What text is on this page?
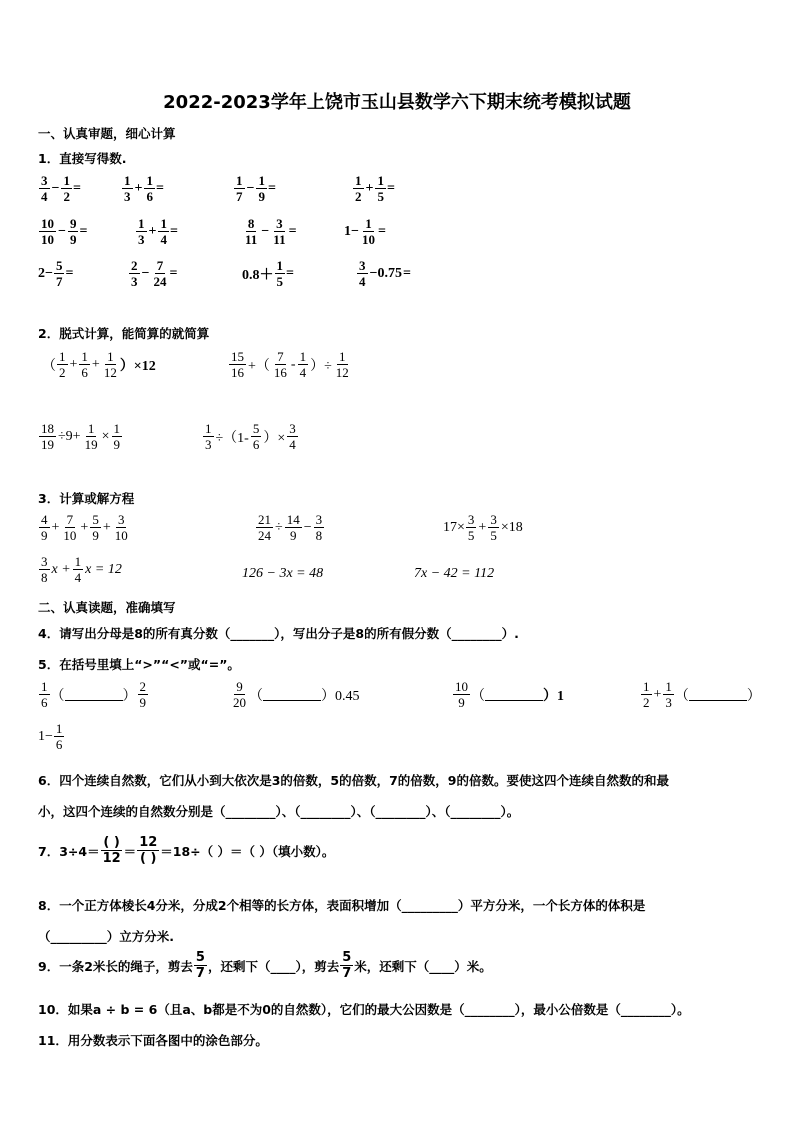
2022-2023学年上饶市玉山县数学六下期末统考模拟试题
一、认真审题，细心计算
1．直接写得数.
$\frac{3}{4} - \frac{1}{2}$ =	$\frac{1}{3} + \frac{1}{6}$ =	$\frac{1}{7} - \frac{1}{9}$ =	$\frac{1}{2} + \frac{1}{5}$ =
$\frac{10}{10} - \frac{9}{9}$ =	$\frac{1}{3} + \frac{1}{4}$ =	$\frac{8}{11} - \frac{3}{11}$ =	$1- \frac{1}{10}$ =
$2- \frac{5}{7}$ =	$\frac{2}{3} - \frac{7}{24}$ =	$0.8+ \frac{1}{5}$ =	$\frac{3}{4} -0.75$ =
2．脱式计算，能简算的就简算
（ $\frac{1}{2} + \frac{1}{6} + \frac{1}{12} )\times 12$	$\frac{15}{16}$ +（ $\frac{7}{16} - \frac{1}{4}$ ）÷ $\frac{1}{12}$
$\frac{18}{19} \div 9+ \frac{1}{19} \times \frac{1}{9}$	$\frac{1}{3} \div(1- \frac{5}{6}$ ）× $\frac{3}{4}$
3．计算或解方程
$\frac{4}{9} + \frac{7}{10} + \frac{5}{9} + \frac{3}{10}$	$\frac{21}{24} \div \frac{14}{9} - \frac{3}{8}$	$17\times \frac{3}{5} + \frac{3}{5} \times 18$
$\frac{3}{8}$ $x + \frac{1}{4}$ x = 12	126 − 3x = 48	7x − 42 = 112
二、认真读题，准确填写
4．请写出分母是8的所有真分数（_______），写出分子是8的所有假分数（________）.
5．在括号里填上“>”“<”或“=”。
$\frac{1}{6}$ （	） $\frac{2}{9}$	$\frac{9}{20}$ （	）0.45	$\frac{10}{9}$ （	）1	$\frac{1}{2} + \frac{1}{3}$ （	）
$1- \frac{1}{6}$
6．四个连续自然数，它们从小到大依次是3的倍数，5的倍数，7的倍数，9的倍数。要使这四个连续自然数的和最
小，这四个连续的自然数分别是（________）、（________）、（________）、（________）。
7．$3\div 4= \frac{( )}{12} = \frac{12}{( )} =18\div$（ ）＝（ ）（填小数）。
8．一个正方体棱长4分米，分成2个相等的长方体，表面积增加（_________）平方分米，一个长方体的体积是
（_________）立方分米.
9．一条2米长的绳子，剪去 $\frac{5}{7}$ ，还剩下（____），剪去 $\frac{5}{7}$ 米，还剩下（____）米。
10．如果a ÷ b = 6（且a、b都是不为0的自然数），它们的最大公因数是（________），最小公倍数是（________）。
11．用分数表示下面各图中的涂色部分。
